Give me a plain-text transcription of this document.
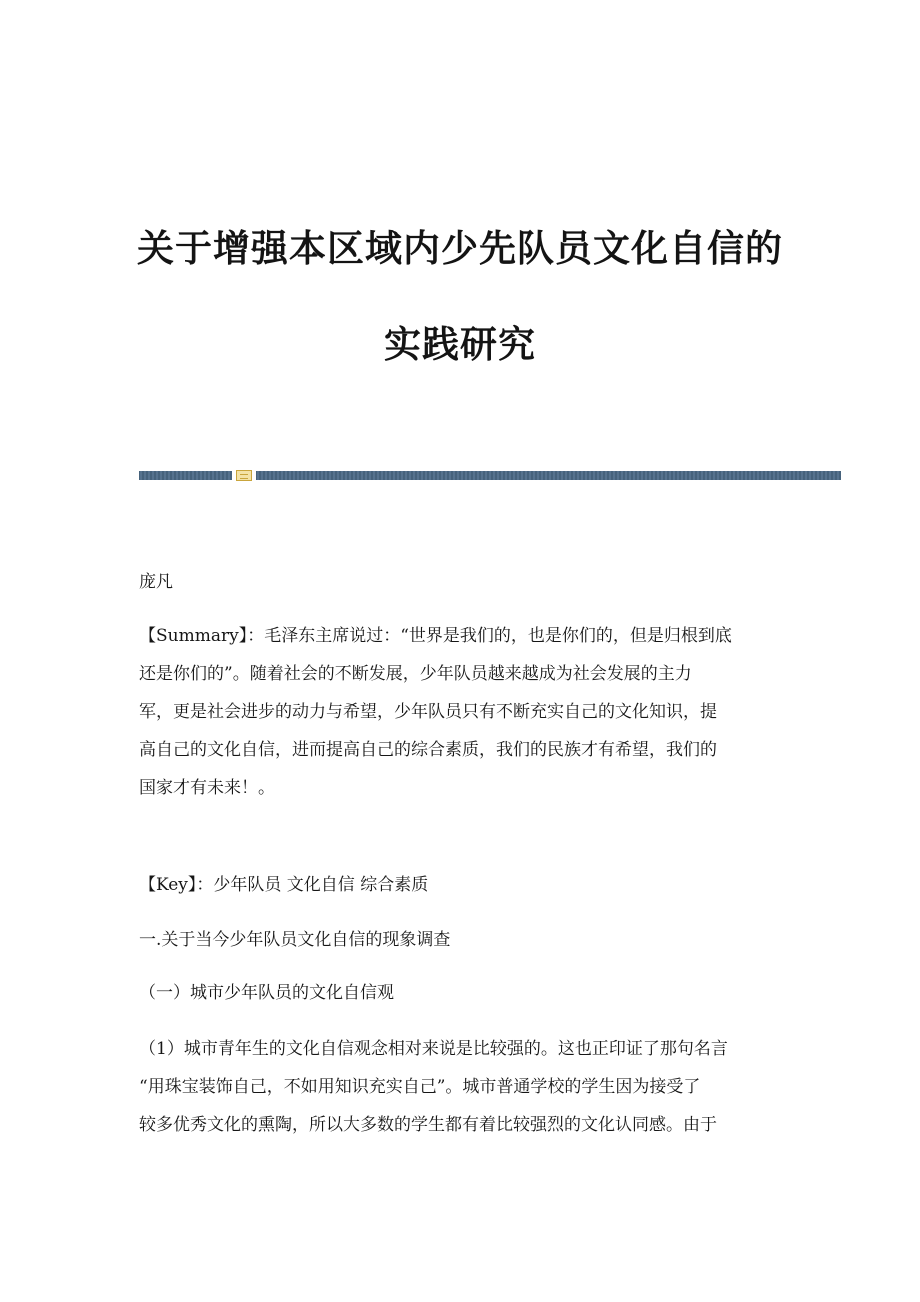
关于增强本区域内少先队员文化自信的
实践研究
庞凡
【Summary】：毛泽东主席说过：“世界是我们的，也是你们的，但是归根到底
还是你们的”。随着社会的不断发展，少年队员越来越成为社会发展的主力
军，更是社会进步的动力与希望，少年队员只有不断充实自己的文化知识，提
高自己的文化自信，进而提高自己的综合素质，我们的民族才有希望，我们的
国家才有未来！。
【Key】：少年队员 文化自信 综合素质
一.关于当今少年队员文化自信的现象调查
（一）城市少年队员的文化自信观
（1）城市青年生的文化自信观念相对来说是比较强的。这也正印证了那句名言
“用珠宝装饰自己，不如用知识充实自己”。城市普通学校的学生因为接受了
较多优秀文化的熏陶，所以大多数的学生都有着比较强烈的文化认同感。由于
